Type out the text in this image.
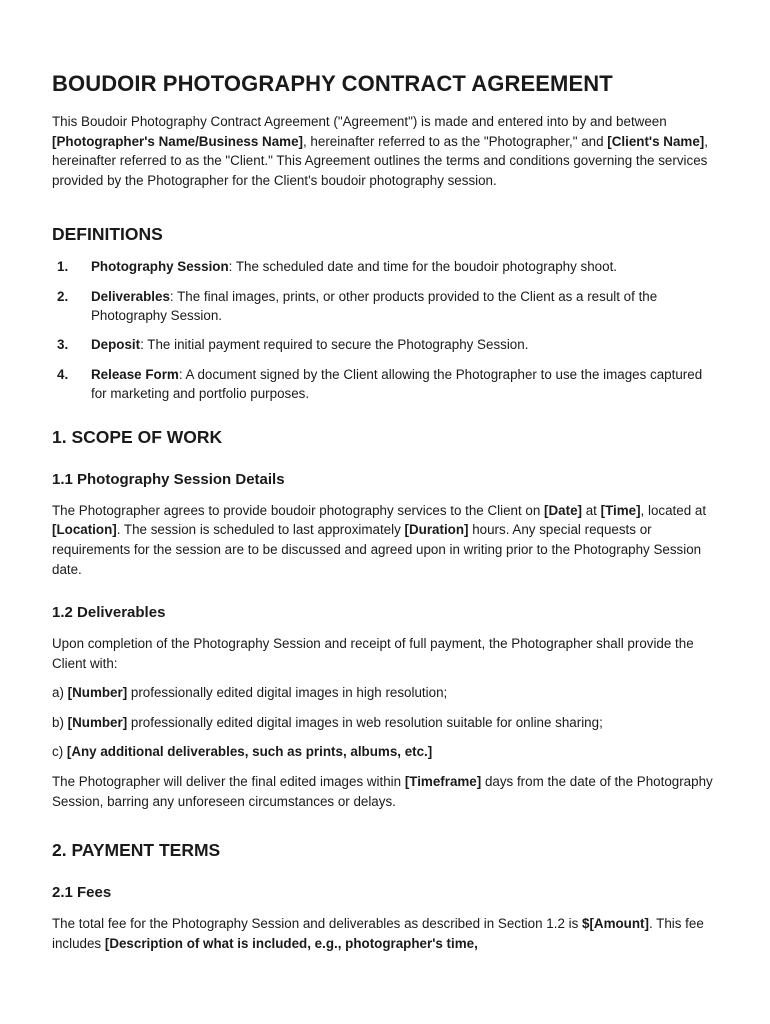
BOUDOIR PHOTOGRAPHY CONTRACT AGREEMENT

This Boudoir Photography Contract Agreement ("Agreement") is made and entered into by and between [Photographer's Name/Business Name], hereinafter referred to as the "Photographer," and [Client's Name], hereinafter referred to as the "Client." This Agreement outlines the terms and conditions governing the services provided by the Photographer for the Client's boudoir photography session.

DEFINITIONS
1. Photography Session: The scheduled date and time for the boudoir photography shoot.
2. Deliverables: The final images, prints, or other products provided to the Client as a result of the Photography Session.
3. Deposit: The initial payment required to secure the Photography Session.
4. Release Form: A document signed by the Client allowing the Photographer to use the images captured for marketing and portfolio purposes.
1. SCOPE OF WORK
1.1 Photography Session Details

The Photographer agrees to provide boudoir photography services to the Client on [Date] at [Time], located at [Location]. The session is scheduled to last approximately [Duration] hours. Any special requests or requirements for the session are to be discussed and agreed upon in writing prior to the Photography Session date.

1.2 Deliverables

Upon completion of the Photography Session and receipt of full payment, the Photographer shall provide the Client with:

a) [Number] professionally edited digital images in high resolution;

b) [Number] professionally edited digital images in web resolution suitable for online sharing;

c) [Any additional deliverables, such as prints, albums, etc.]

The Photographer will deliver the final edited images within [Timeframe] days from the date of the Photography Session, barring any unforeseen circumstances or delays.

2. PAYMENT TERMS
2.1 Fees

The total fee for the Photography Session and deliverables as described in Section 1.2 is $[Amount]. This fee includes [Description of what is included, e.g., photographer's time,
